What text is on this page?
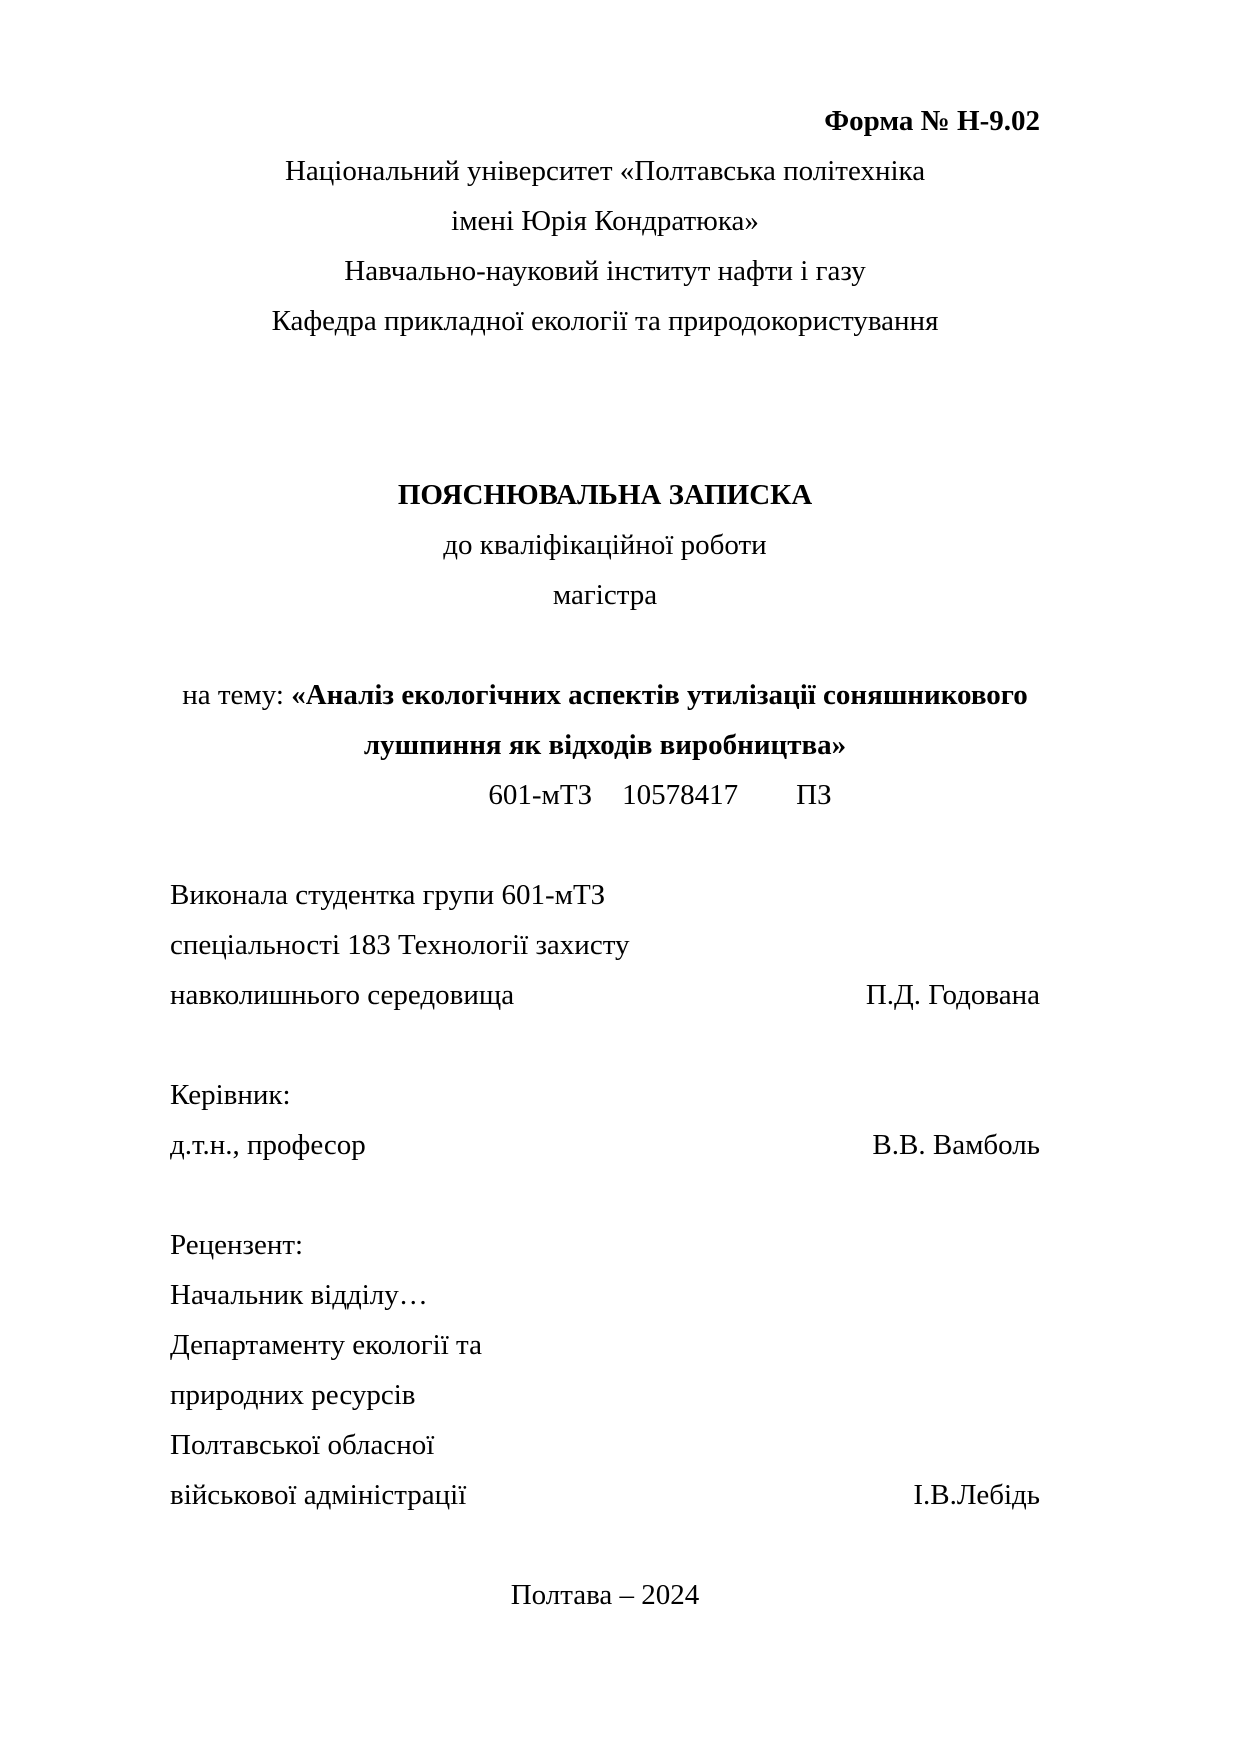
Форма № Н-9.02
Національний університет «Полтавська політехніка
імені Юрія Кондратюка»
Навчально-науковий інститут нафти і газу
Кафедра прикладної екології та природокористування
ПОЯСНЮВАЛЬНА ЗАПИСКА
до кваліфікаційної роботи
магістра
на тему: «Аналіз екологічних аспектів утилізації соняшникового
лушпиння як відходів виробництва»
601-мТЗ 10578417 ПЗ
Виконала студентка групи 601-мТЗ
спеціальності 183 Технології захисту
навколишнього середовища	П.Д. Годована
Керівник:
д.т.н., професор	В.В. Вамболь
Рецензент:
Начальник відділу…
Департаменту екології та
природних ресурсів
Полтавської обласної
військової адміністрації	І.В.Лебідь
Полтава – 2024
